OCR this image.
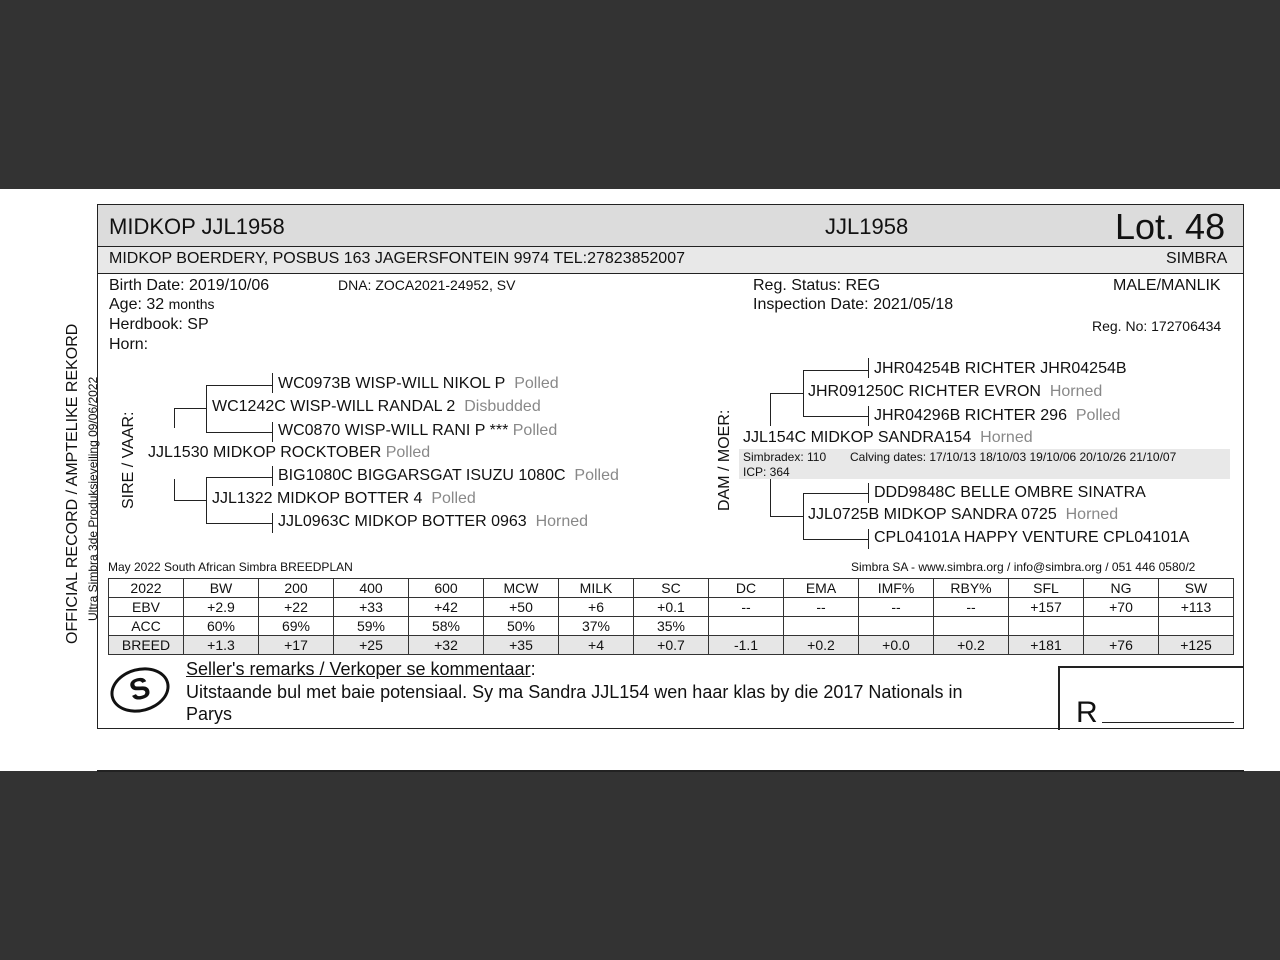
OFFICIAL RECORD / AMPTELIKE REKORD Ultra Simbra 3de Produksieveiling 09/06/2022
MIDKOP JJL1958	JJL1958	Lot. 48
MIDKOP BOERDERY, POSBUS 163 JAGERSFONTEIN 9974 TEL:27823852007	SIMBRA
Birth Date: 2019/10/06	DNA: ZOCA2021-24952, SV
Age: 32 months
Herdbook: SP
Horn:
Reg. Status: REG
Inspection Date: 2021/05/18
MALE/MANLIK
Reg. No: 172706434
SIRE / VAAR:
WC0973B WISP-WILL NIKOL P Polled
WC1242C WISP-WILL RANDAL 2 Disbudded
WC0870 WISP-WILL RANI P *** Polled
JJL1530 MIDKOP ROCKTOBER Polled
BIG1080C BIGGARSGAT ISUZU 1080C Polled
JJL1322 MIDKOP BOTTER 4 Polled
JJL0963C MIDKOP BOTTER 0963 Horned
DAM / MOER:
JHR04254B RICHTER JHR04254B
JHR091250C RICHTER EVRON Horned
JHR04296B RICHTER 296 Polled
JJL154C MIDKOP SANDRA154 Horned
Simbradex: 110 Calving dates: 17/10/13 18/10/03 19/10/06 20/10/26 21/10/07
ICP: 364
DDD9848C BELLE OMBRE SINATRA
JJL0725B MIDKOP SANDRA 0725 Horned
CPL04101A HAPPY VENTURE CPL04101A
May 2022 South African Simbra BREEDPLAN	Simbra SA - www.simbra.org / info@simbra.org / 051 446 0580/2
2022	BW	200	400	600	MCW	MILK	SC	DC	EMA	IMF%	RBY%	SFL	NG	SW
EBV	+2.9	+22	+33	+42	+50	+6	+0.1	--	--	--	--	+157	+70	+113
ACC	60%	69%	59%	58%	50%	37%	35%							
BREED	+1.3	+17	+25	+32	+35	+4	+0.7	-1.1	+0.2	+0.0	+0.2	+181	+76	+125
S
Seller's remarks / Verkoper se kommentaar:
Uitstaande bul met baie potensiaal. Sy ma Sandra JJL154 wen haar klas by die 2017 Nationals in
Parys	R
